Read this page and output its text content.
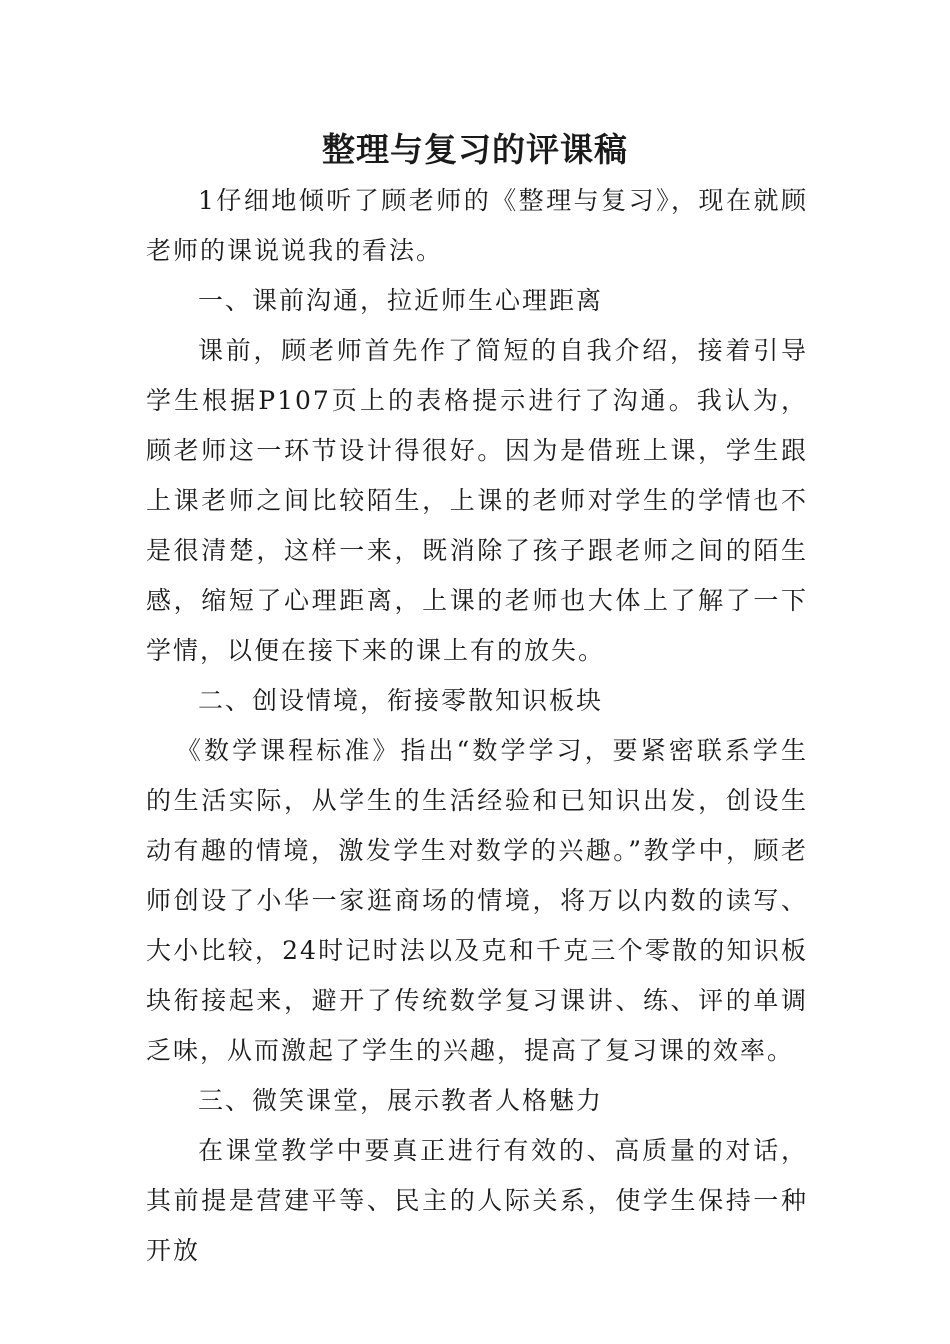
整理与复习的评课稿

1仔细地倾听了顾老师的《整理与复习》，现在就顾老师的课说说我的看法。

一、课前沟通，拉近师生心理距离

课前，顾老师首先作了简短的自我介绍，接着引导学生根据P107页上的表格提示进行了沟通。我认为，顾老师这一环节设计得很好。因为是借班上课，学生跟上课老师之间比较陌生，上课的老师对学生的学情也不是很清楚，这样一来，既消除了孩子跟老师之间的陌生感，缩短了心理距离，上课的老师也大体上了解了一下学情，以便在接下来的课上有的放失。

二、创设情境，衔接零散知识板块

《数学课程标准》指出“数学学习，要紧密联系学生的生活实际，从学生的生活经验和已知识出发，创设生动有趣的情境，激发学生对数学的兴趣。”教学中，顾老师创设了小华一家逛商场的情境，将万以内数的读写、大小比较，24时记时法以及克和千克三个零散的知识板块衔接起来，避开了传统数学复习课讲、练、评的单调乏味，从而激起了学生的兴趣，提高了复习课的效率。

三、微笑课堂，展示教者人格魅力

在课堂教学中要真正进行有效的、高质量的对话，其前提是营建平等、民主的人际关系，使学生保持一种开放
